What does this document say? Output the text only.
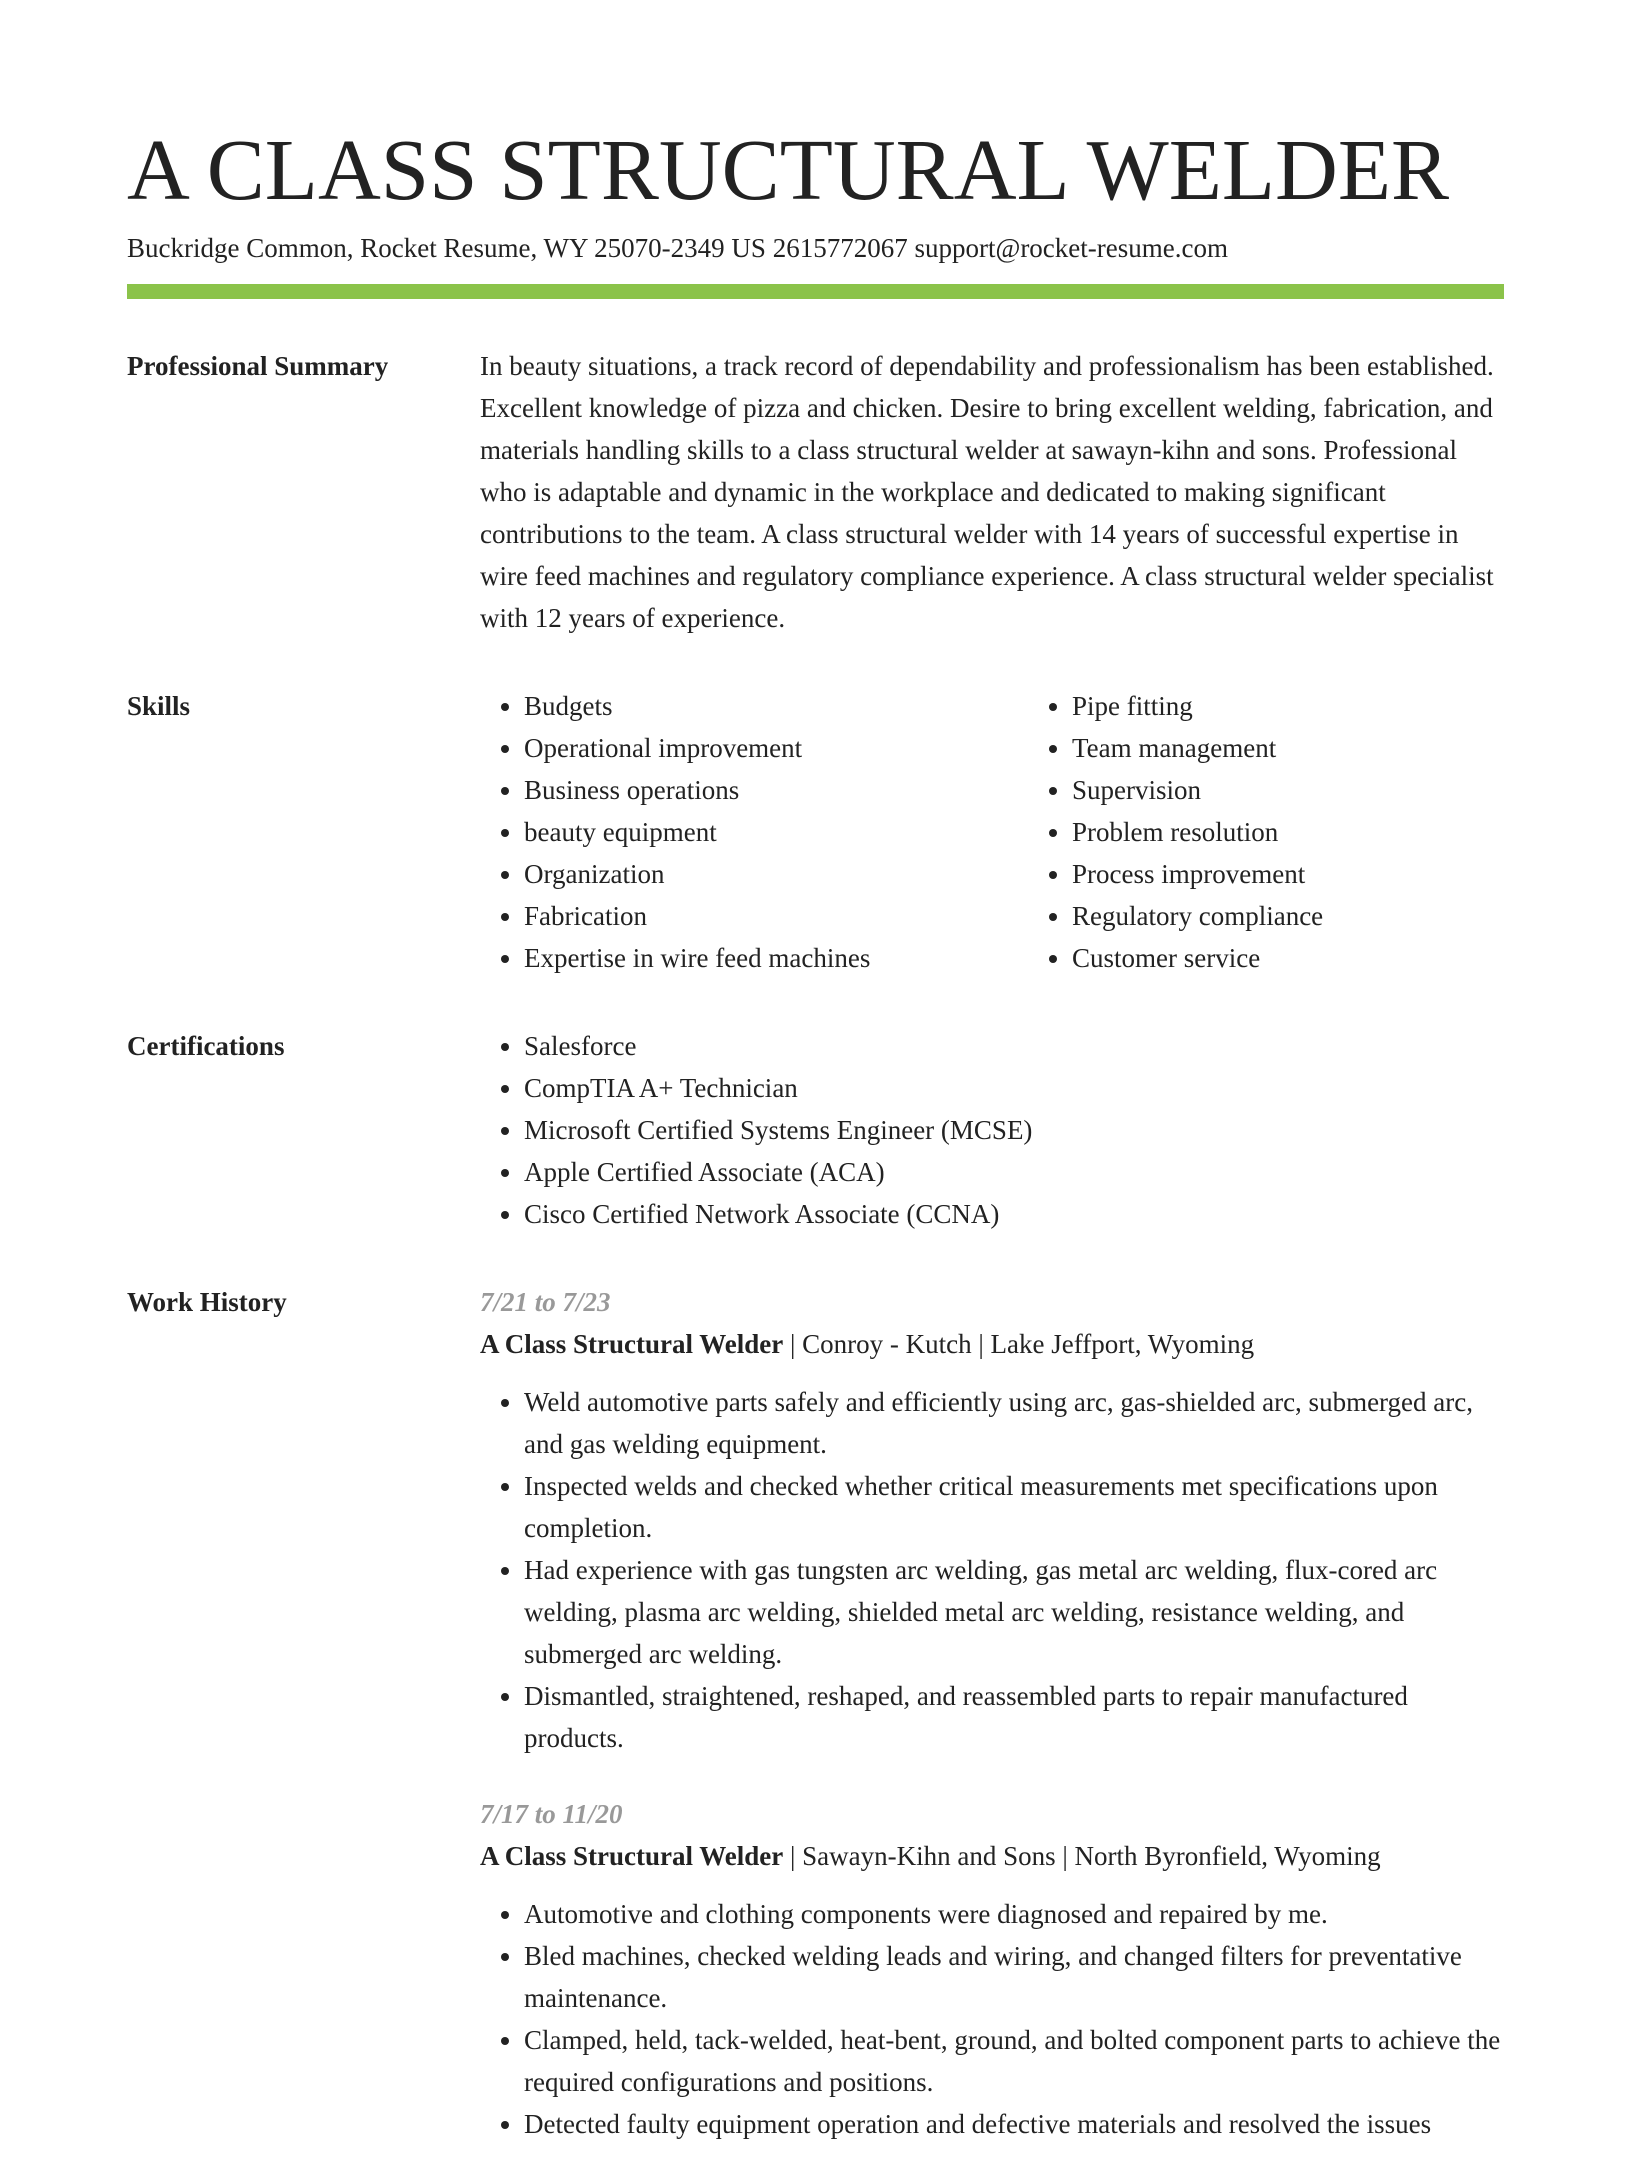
A CLASS STRUCTURAL WELDER
Buckridge Common, Rocket Resume, WY 25070-2349 US 2615772067 support@rocket-resume.com
Professional Summary	In beauty situations, a track record of dependability and professionalism has been established. Excellent knowledge of pizza and chicken. Desire to bring excellent welding, fabrication, and materials handling skills to a class structural welder at sawayn-kihn and sons. Professional who is adaptable and dynamic in the workplace and dedicated to making significant contributions to the team. A class structural welder with 14 years of successful expertise in wire feed machines and regulatory compliance experience. A class structural welder specialist with 12 years of experience.

Skills	• Budgets
• Operational improvement
• Business operations
• beauty equipment
• Organization
• Fabrication
• Expertise in wire feed machines
• Pipe fitting
• Team management
• Supervision
• Problem resolution
• Process improvement
• Regulatory compliance
• Customer service
Certifications	• Salesforce
• CompTIA A+ Technician
• Microsoft Certified Systems Engineer (MCSE)
• Apple Certified Associate (ACA)
• Cisco Certified Network Associate (CCNA)
Work History	7/21 to 7/23
A Class Structural Welder | Conroy - Kutch | Lake Jeffport, Wyoming
• Weld automotive parts safely and efficiently using arc, gas-shielded arc, submerged arc, and gas welding equipment.
• Inspected welds and checked whether critical measurements met specifications upon completion.
• Had experience with gas tungsten arc welding, gas metal arc welding, flux-cored arc welding, plasma arc welding, shielded metal arc welding, resistance welding, and submerged arc welding.
• Dismantled, straightened, reshaped, and reassembled parts to repair manufactured products.
7/17 to 11/20
A Class Structural Welder | Sawayn-Kihn and Sons | North Byronfield, Wyoming
• Automotive and clothing components were diagnosed and repaired by me.
• Bled machines, checked welding leads and wiring, and changed filters for preventative maintenance.
• Clamped, held, tack-welded, heat-bent, ground, and bolted component parts to achieve the required configurations and positions.
• Detected faulty equipment operation and defective materials and resolved the issues
